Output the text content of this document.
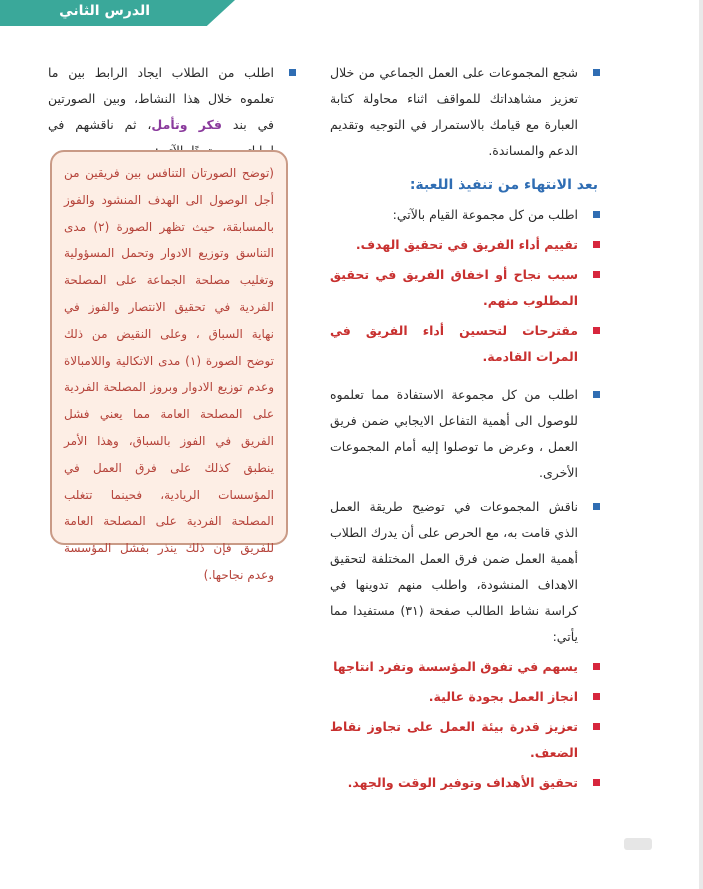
الدرس الثاني

شجع المجموعات على العمل الجماعي من خلال تعزيز مشاهداتك للمواقف اثناء محاولة كتابة العبارة مع قيامك بالاستمرار في التوجيه وتقديم الدعم والمساندة.

بعد الانتهاء من تنفيذ اللعبة:

اطلب من كل مجموعة القيام بالآتي:

تقييم أداء الفريق في تحقيق الهدف.

سبب نجاح أو اخفاق الفريق في تحقيق المطلوب منهم.

مقترحات لتحسين أداء الفريق في المرات القادمة.

اطلب من كل مجموعة الاستفادة مما تعلموه للوصول الى أهمية التفاعل الايجابي ضمن فريق العمل ، وعرض ما توصلوا إليه أمام المجموعات الأخرى.

ناقش المجموعات في توضيح طريقة العمل الذي قامت به، مع الحرص على أن يدرك الطلاب أهمية العمل ضمن فرق العمل المختلفة لتحقيق الاهداف المنشودة، واطلب منهم تدوينها في كراسة نشاط الطالب صفحة (٣١) مستفيدا مما يأتي:

يسهم في تفوق المؤسسة وتفرد انتاجها

انجاز العمل بجودة عالية.

تعزيز قدرة بيئة العمل على تجاوز نقاط الضعف.

تحقيق الأهداف وتوفير الوقت والجهد.

اطلب من الطلاب ايجاد الرابط بين ما تعلموه خلال هذا النشاط، وبين الصورتين في بند فكر وتأمل، ثم ناقشهم في

(توضح الصورتان التنافس بين فريقين من أجل الوصول الى الهدف المنشود والفوز بالمسابقة، حيث تظهر الصورة (٢) مدى التناسق وتوزيع الادوار وتحمل المسؤولية وتغليب مصلحة الجماعة على المصلحة الفردية في تحقيق الانتصار والفوز في نهاية السباق ، وعلى النقيض من ذلك توضح الصورة (١) مدى الاتكالية واللامبالاة وعدم توزيع الادوار وبروز المصلحة الفردية على المصلحة العامة مما يعني فشل الفريق في الفوز بالسباق، وهذا الأمر ينطبق كذلك على فرق العمل في المؤسسات الريادية، فحينما تتغلب المصلحة الفردية على المصلحة العامة للفريق فإن ذلك ينذر بفشل المؤسسة وعدم نجاحها.)
